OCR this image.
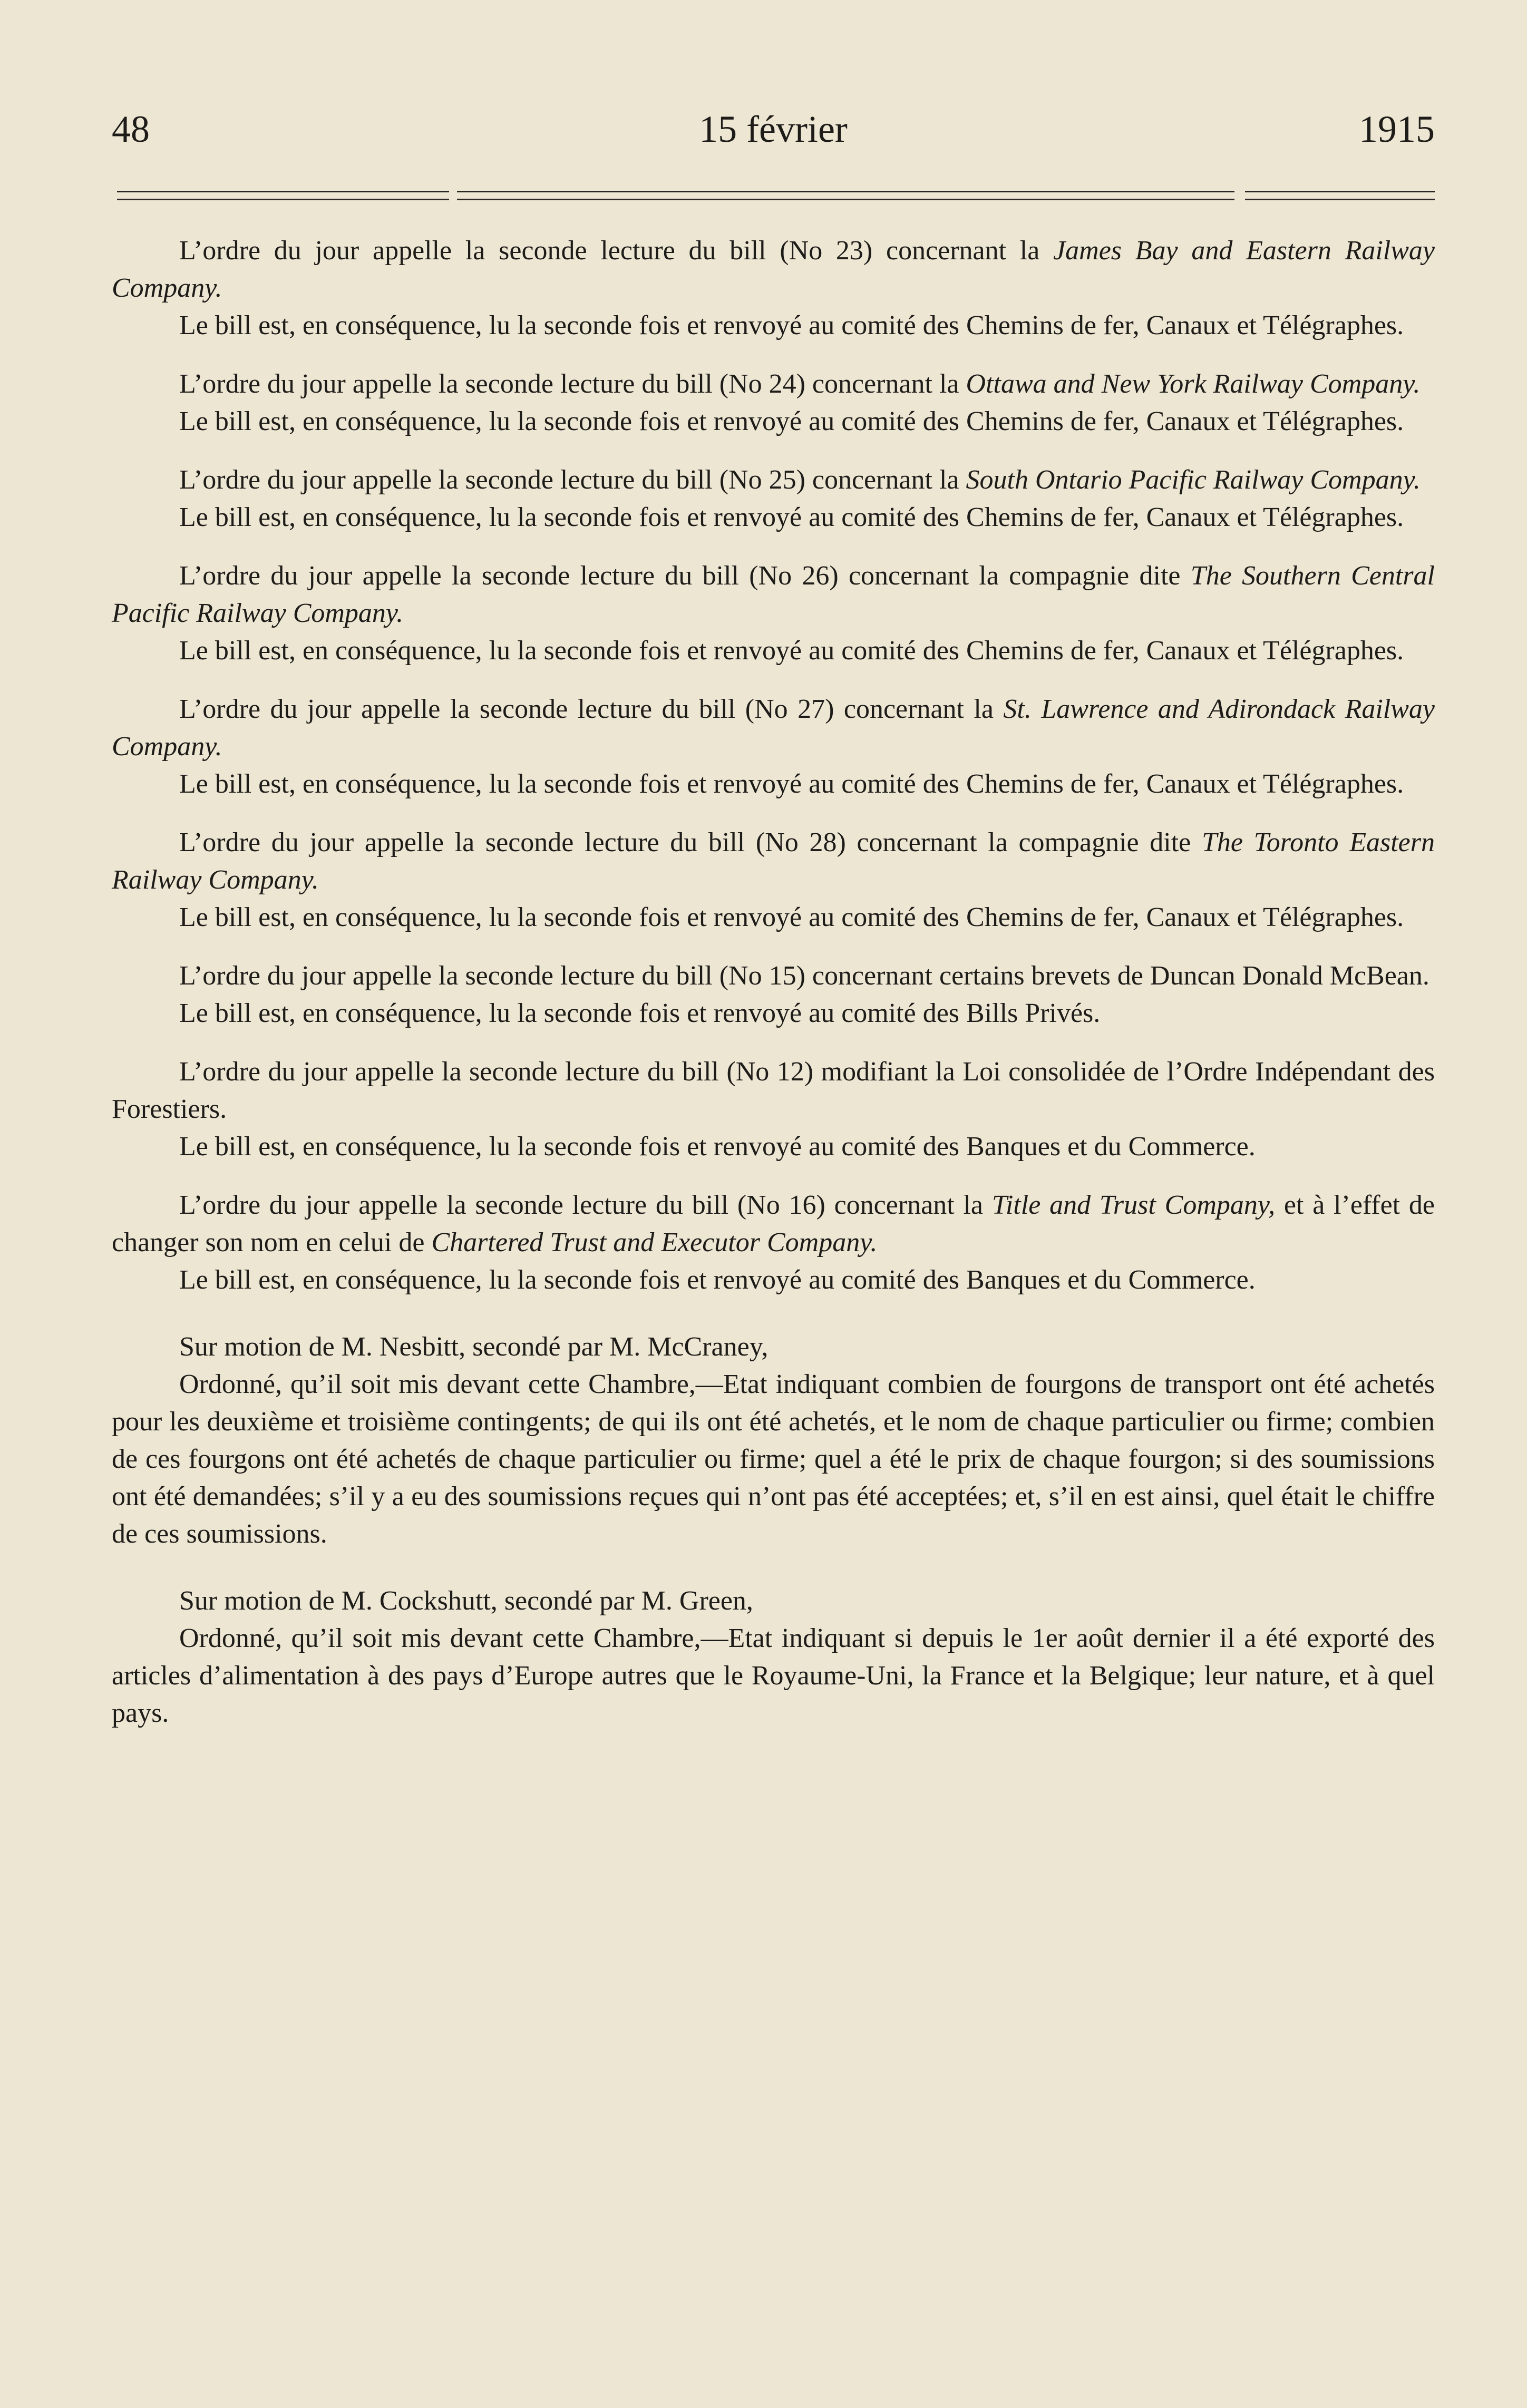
48	15 février	1915

L’ordre du jour appelle la seconde lecture du bill (No 23) concernant la James Bay and Eastern Railway Company.

Le bill est, en conséquence, lu la seconde fois et renvoyé au comité des Chemins de fer, Canaux et Télégraphes.

L’ordre du jour appelle la seconde lecture du bill (No 24) concernant la Ottawa and New York Railway Company.

Le bill est, en conséquence, lu la seconde fois et renvoyé au comité des Chemins de fer, Canaux et Télégraphes.

L’ordre du jour appelle la seconde lecture du bill (No 25) concernant la South Ontario Pacific Railway Company.

Le bill est, en conséquence, lu la seconde fois et renvoyé au comité des Chemins de fer, Canaux et Télégraphes.

L’ordre du jour appelle la seconde lecture du bill (No 26) concernant la compagnie dite The Southern Central Pacific Railway Company.

Le bill est, en conséquence, lu la seconde fois et renvoyé au comité des Chemins de fer, Canaux et Télégraphes.

L’ordre du jour appelle la seconde lecture du bill (No 27) concernant la St. Lawrence and Adirondack Railway Company.

Le bill est, en conséquence, lu la seconde fois et renvoyé au comité des Chemins de fer, Canaux et Télégraphes.

L’ordre du jour appelle la seconde lecture du bill (No 28) concernant la compagnie dite The Toronto Eastern Railway Company.

Le bill est, en conséquence, lu la seconde fois et renvoyé au comité des Chemins de fer, Canaux et Télégraphes.

L’ordre du jour appelle la seconde lecture du bill (No 15) concernant certains brevets de Duncan Donald McBean.

Le bill est, en conséquence, lu la seconde fois et renvoyé au comité des Bills Privés.

L’ordre du jour appelle la seconde lecture du bill (No 12) modifiant la Loi consolidée de l’Ordre Indépendant des Forestiers.

Le bill est, en conséquence, lu la seconde fois et renvoyé au comité des Banques et du Commerce.

L’ordre du jour appelle la seconde lecture du bill (No 16) concernant la Title and Trust Company, et à l’effet de changer son nom en celui de Chartered Trust and Executor Company.

Le bill est, en conséquence, lu la seconde fois et renvoyé au comité des Banques et du Commerce.

Sur motion de M. Nesbitt, secondé par M. McCraney,

Ordonné, qu’il soit mis devant cette Chambre,—Etat indiquant combien de fourgons de transport ont été achetés pour les deuxième et troisième contingents; de qui ils ont été achetés, et le nom de chaque particulier ou firme; combien de ces fourgons ont été achetés de chaque particulier ou firme; quel a été le prix de chaque fourgon; si des soumissions ont été demandées; s’il y a eu des soumissions reçues qui n’ont pas été acceptées; et, s’il en est ainsi, quel était le chiffre de ces soumissions.

Sur motion de M. Cockshutt, secondé par M. Green,

Ordonné, qu’il soit mis devant cette Chambre,—Etat indiquant si depuis le 1er août dernier il a été exporté des articles d’alimentation à des pays d’Europe autres que le Royaume-Uni, la France et la Belgique; leur nature, et à quel pays.
